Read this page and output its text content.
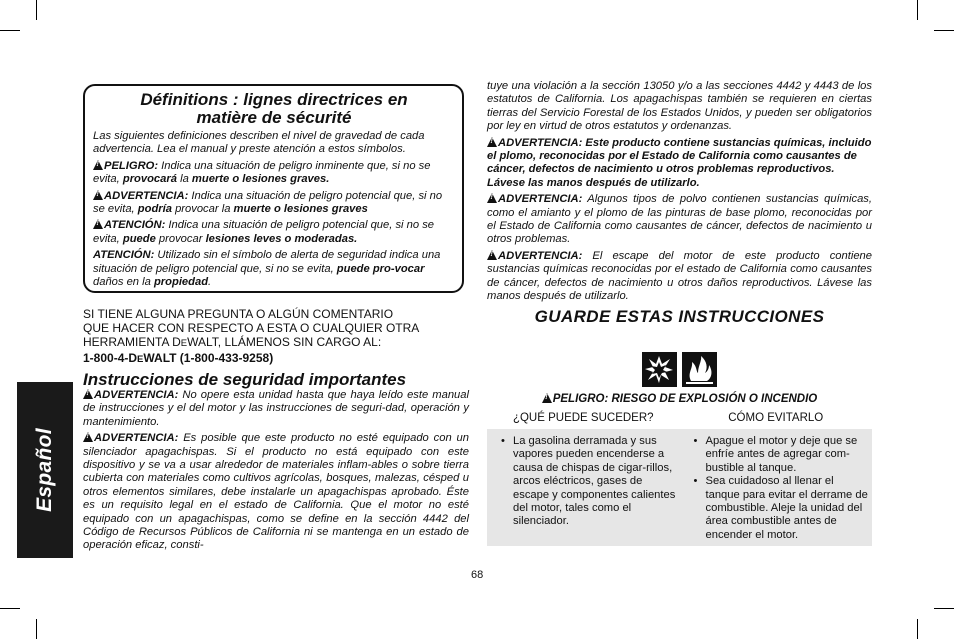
Español
Définitions : lignes directrices en
matière de sécurité

Las siguientes definiciones describen el nivel de gravedad de cada advertencia. Lea el manual y preste atención a estos símbolos.

!PELIGRO: Indica una situación de peligro inminente que, si no se evita, provocará la muerte o lesiones graves.

!ADVERTENCIA: Indica una situación de peligro potencial que, si no se evita, podría provocar la muerte o lesiones graves

!ATENCIÓN: Indica una situación de peligro potencial que, si no se evita, puede provocar lesiones leves o moderadas.

ATENCIÓN: Utilizado sin el símbolo de alerta de seguridad indica una situación de peligro potencial que, si no se evita, puede pro-vocar daños en la propiedad.

SI TIENE ALGUNA PREGUNTA O ALGÚN COMENTARIO
QUE HACER CON RESPECTO A ESTA O CUALQUIER OTRA
HERRAMIENTA DEWALT, LLÁMENOS SIN CARGO AL:
1-800-4-DEWALT (1-800-433-9258)

Instrucciones de seguridad importantes

!ADVERTENCIA: No opere esta unidad hasta que haya leído este manual de instrucciones y el del motor y las instrucciones de seguri-dad, operación y mantenimiento.

!ADVERTENCIA: Es posible que este producto no esté equipado con un silenciador apagachispas. Si el producto no está equipado con este dispositivo y se va a usar alrededor de materiales inflam-ables o sobre tierra cubierta con materiales como cultivos agrícolas, bosques, malezas, césped u otros elementos similares, debe instalarle un apagachispas aprobado. Éste es un requisito legal en el estado de California. Que el motor no esté equipado con un apagachispas, como se define en la sección 4442 del Código de Recursos Públicos de California ni se mantenga en un estado de operación eficaz, consti-

tuye una violación a la sección 13050 y/o a las secciones 4442 y 4443 de los estatutos de California. Los apagachispas también se requieren en ciertas tierras del Servicio Forestal de los Estados Unidos, y pueden ser obligatorios por ley en virtud de otros estatutos y ordenanzas.

!ADVERTENCIA: Este producto contiene sustancias químicas, incluido el plomo, reconocidas por el Estado de California como causantes de cáncer, defectos de nacimiento u otros problemas reproductivos. Lávese las manos después de utilizarlo.

!ADVERTENCIA: Algunos tipos de polvo contienen sustancias químicas, como el amianto y el plomo de las pinturas de base plomo, reconocidas por el Estado de California como causantes de cáncer, defectos de nacimiento u otros problemas.

!ADVERTENCIA: El escape del motor de este producto contiene sustancias químicas reconocidas por el estado de California como causantes de cáncer, defectos de nacimiento u otros daños reproductivos. Lávese las manos después de utilizarlo.

GUARDE ESTAS INSTRUCCIONES

!PELIGRO: RIESGO DE EXPLOSIÓN O INCENDIO
¿QUÉ PUEDE SUCEDER?	CÓMO EVITARLO
• La gasolina derramada y sus vapores pueden encenderse a causa de chispas de cigar-rillos, arcos eléctricos, gases de escape y componentes calientes del motor, tales como el silenciador.
• Apague el motor y deje que se enfríe antes de agregar com-bustible al tanque.
• Sea cuidadoso al llenar el tanque para evitar el derrame de combustible. Aleje la unidad del área combustible antes de encender el motor.
68
